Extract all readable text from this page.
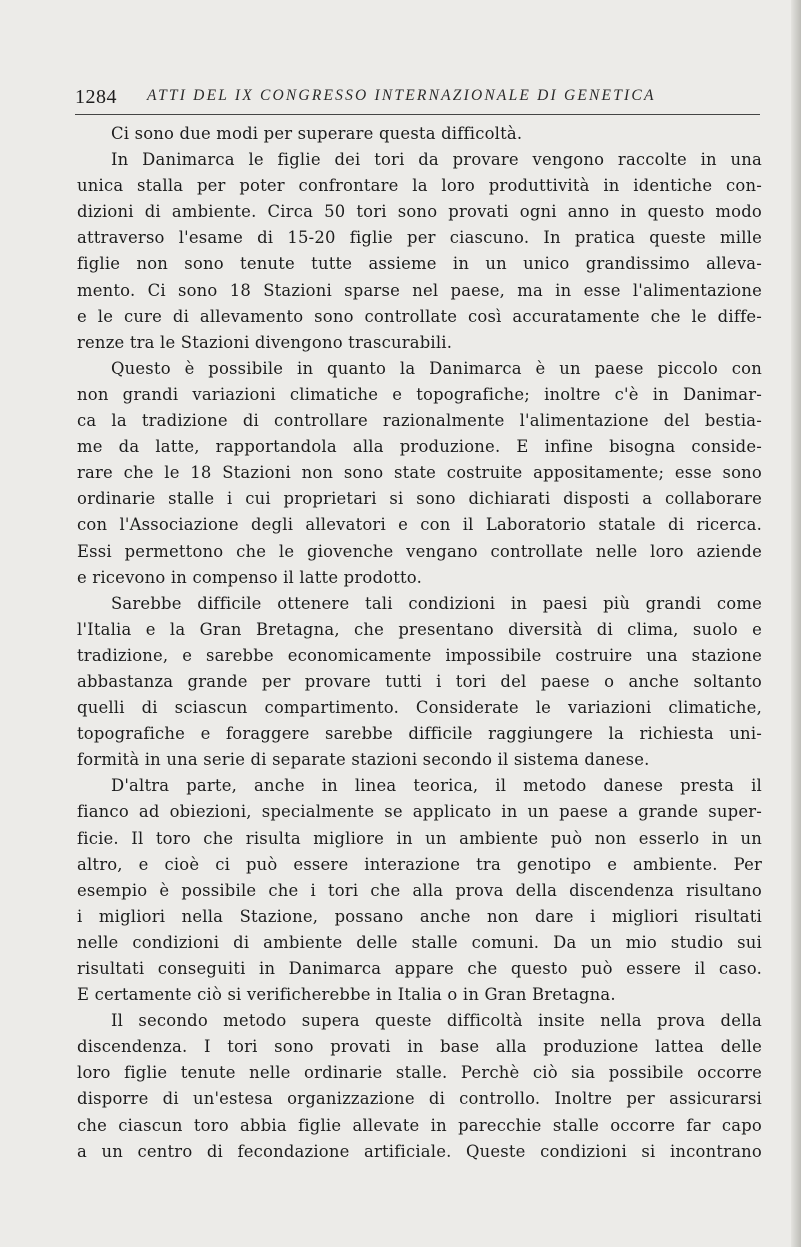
1284 ATTI DEL IX CONGRESSO INTERNAZIONALE DI GENETICA
Ci sono due modi per superare questa difficoltà.
In Danimarca le figlie dei tori da provare vengono raccolte in una
unica stalla per poter confrontare la loro produttività in identiche con-
dizioni di ambiente. Circa 50 tori sono provati ogni anno in questo modo
attraverso l'esame di 15-20 figlie per ciascuno. In pratica queste mille
figlie non sono tenute tutte assieme in un unico grandissimo alleva-
mento. Ci sono 18 Stazioni sparse nel paese, ma in esse l'alimentazione
e le cure di allevamento sono controllate così accuratamente che le diffe-
renze tra le Stazioni divengono trascurabili.
Questo è possibile in quanto la Danimarca è un paese piccolo con
non grandi variazioni climatiche e topografiche; inoltre c'è in Danimar-
ca la tradizione di controllare razionalmente l'alimentazione del bestia-
me da latte, rapportandola alla produzione. E infine bisogna conside-
rare che le 18 Stazioni non sono state costruite appositamente; esse sono
ordinarie stalle i cui proprietari si sono dichiarati disposti a collaborare
con l'Associazione degli allevatori e con il Laboratorio statale di ricerca.
Essi permettono che le giovenche vengano controllate nelle loro aziende
e ricevono in compenso il latte prodotto.
Sarebbe difficile ottenere tali condizioni in paesi più grandi come
l'Italia e la Gran Bretagna, che presentano diversità di clima, suolo e
tradizione, e sarebbe economicamente impossibile costruire una stazione
abbastanza grande per provare tutti i tori del paese o anche soltanto
quelli di sciascun compartimento. Considerate le variazioni climatiche,
topografiche e foraggere sarebbe difficile raggiungere la richiesta uni-
formità in una serie di separate stazioni secondo il sistema danese.
D'altra parte, anche in linea teorica, il metodo danese presta il
fianco ad obiezioni, specialmente se applicato in un paese a grande super-
ficie. Il toro che risulta migliore in un ambiente può non esserlo in un
altro, e cioè ci può essere interazione tra genotipo e ambiente. Per
esempio è possibile che i tori che alla prova della discendenza risultano
i migliori nella Stazione, possano anche non dare i migliori risultati
nelle condizioni di ambiente delle stalle comuni. Da un mio studio sui
risultati conseguiti in Danimarca appare che questo può essere il caso.
E certamente ciò si verificherebbe in Italia o in Gran Bretagna.
Il secondo metodo supera queste difficoltà insite nella prova della
discendenza. I tori sono provati in base alla produzione lattea delle
loro figlie tenute nelle ordinarie stalle. Perchè ciò sia possibile occorre
disporre di un'estesa organizzazione di controllo. Inoltre per assicurarsi
che ciascun toro abbia figlie allevate in parecchie stalle occorre far capo
a un centro di fecondazione artificiale. Queste condizioni si incontrano
